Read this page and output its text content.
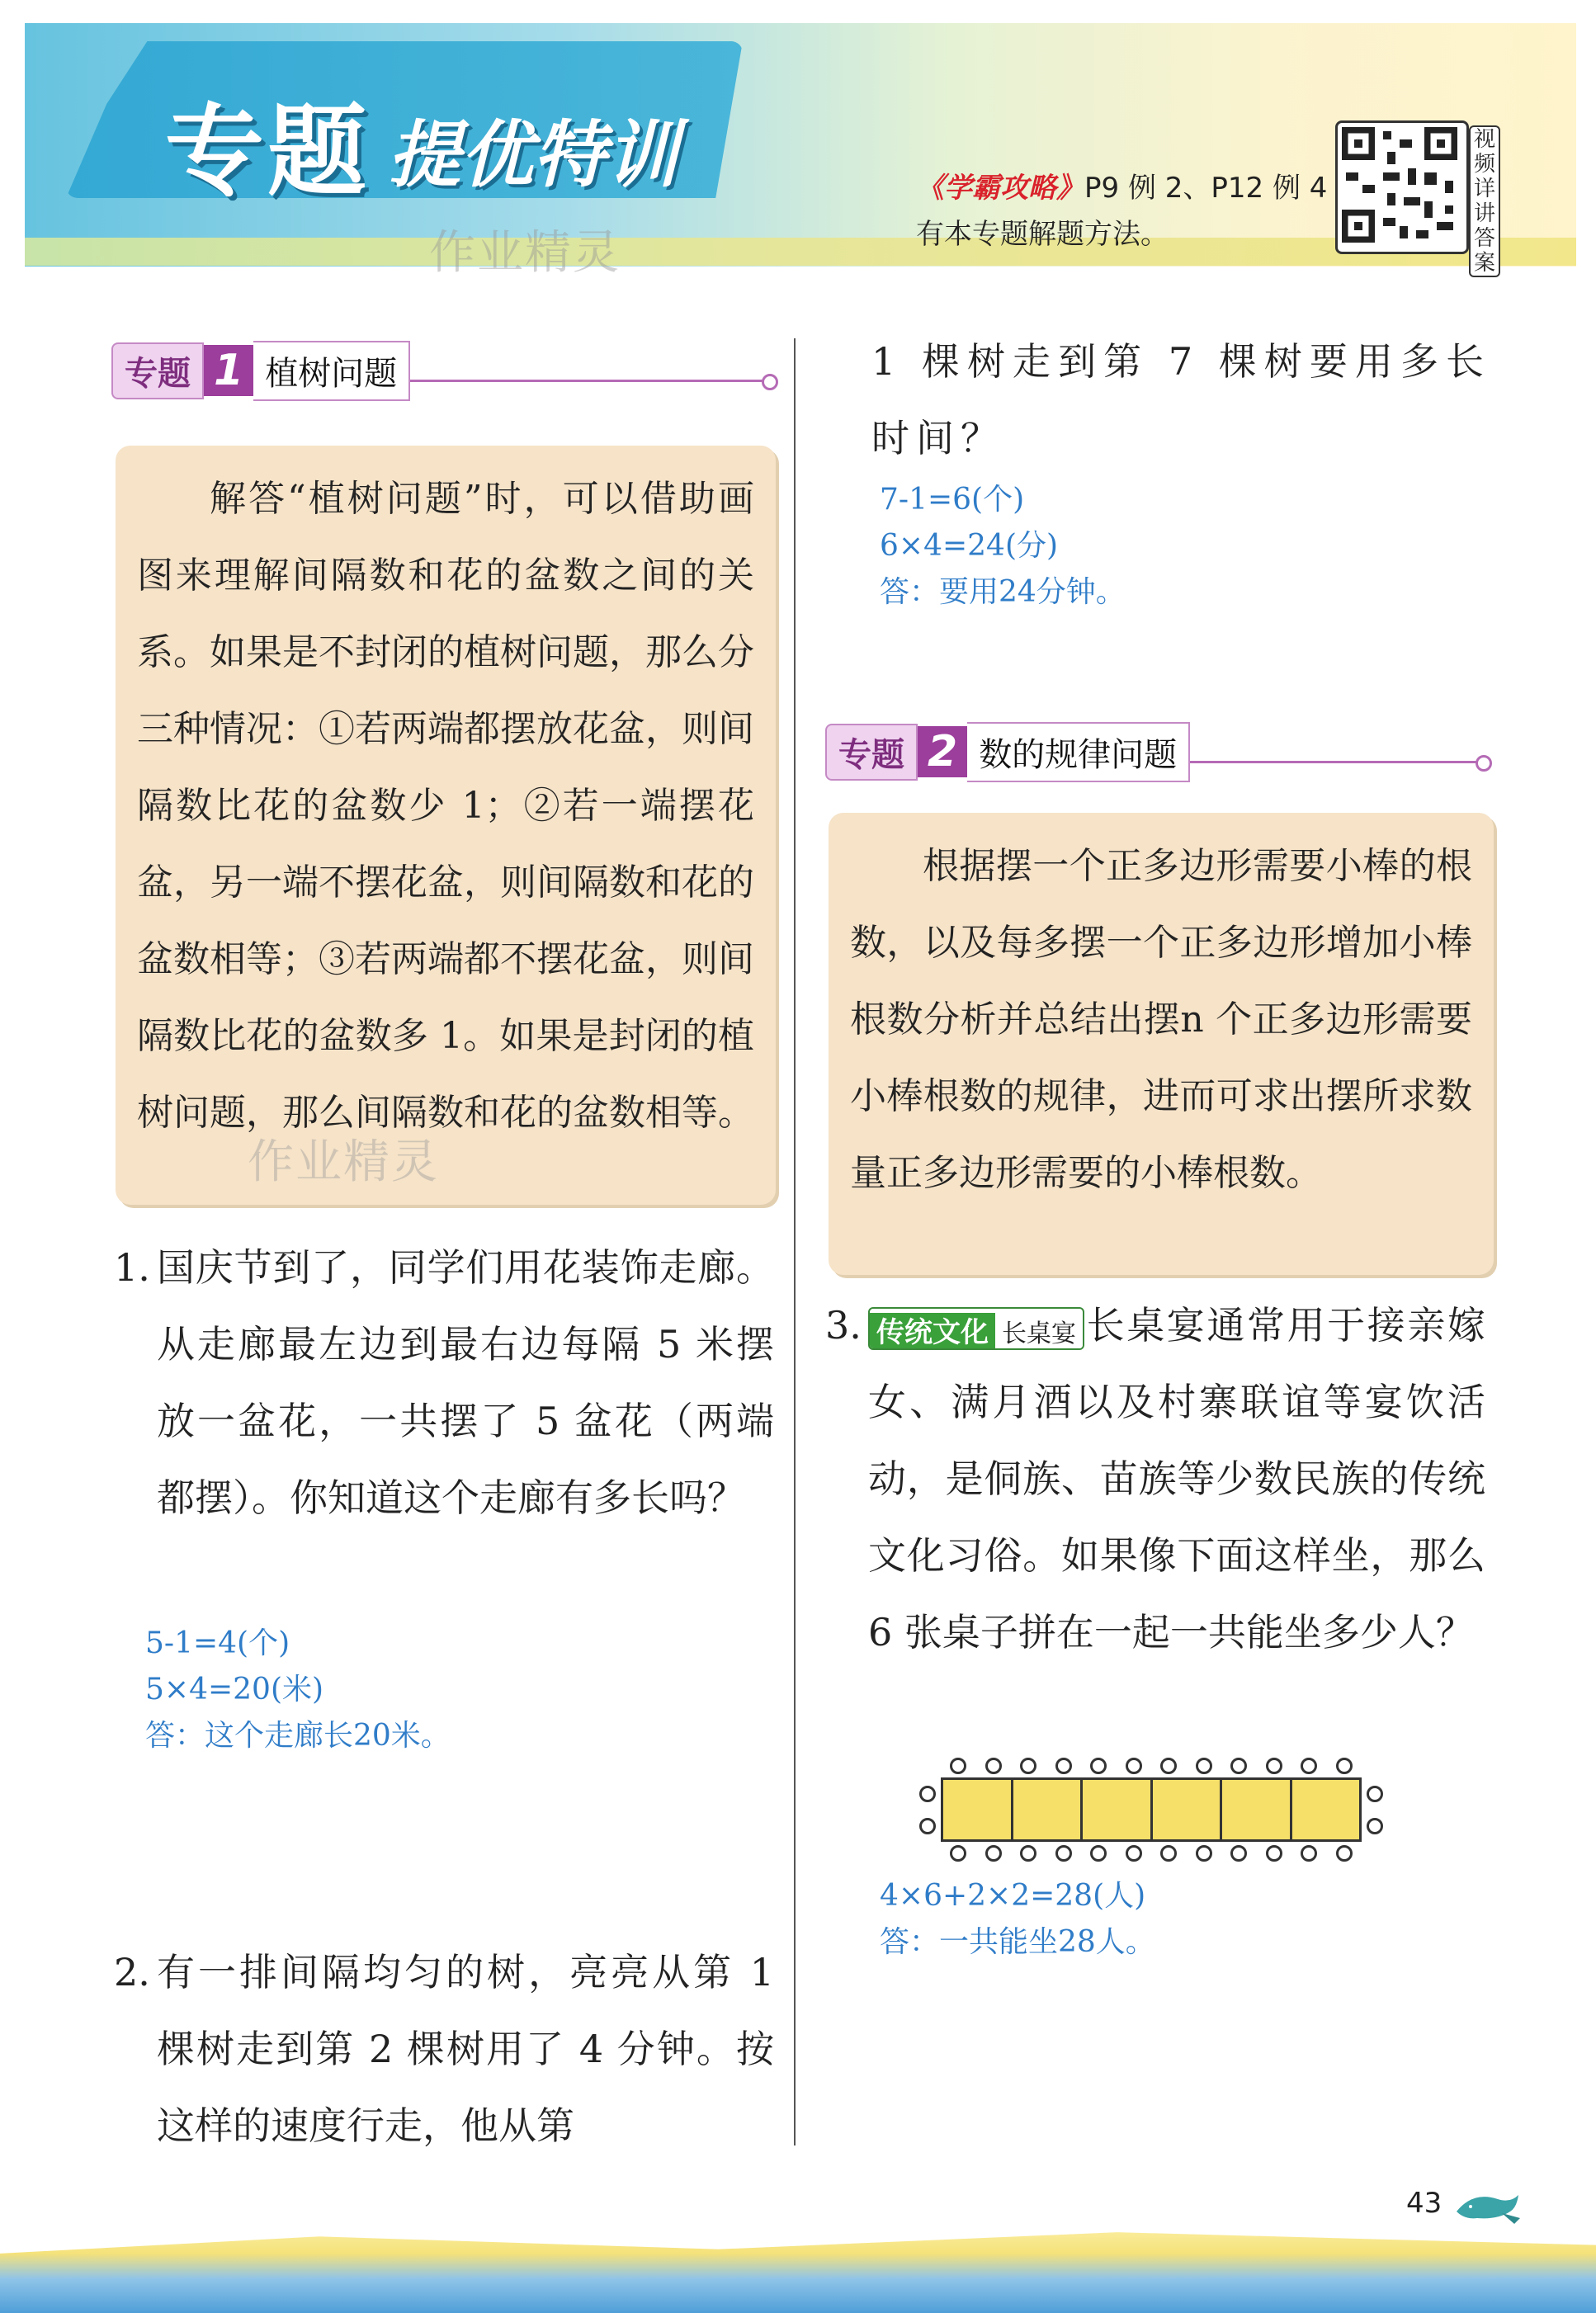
专题 提优特训
作业精灵
《学霸攻略》P9 例 2、P12 例 4
有本专题解题方法。
视频详讲答案
专题 1 植树问题

解答“植树问题”时，可以借助画图来理解间隔数和花的盆数之间的关系。如果是不封闭的植树问题，那么分三种情况：①若两端都摆放花盆，则间隔数比花的盆数少 1；②若一端摆花盆，另一端不摆花盆，则间隔数和花的盆数相等；③若两端都不摆花盆，则间隔数比花的盆数多 1。如果是封闭的植树问题，那么间隔数和花的盆数相等。

作业精灵
1. 国庆节到了，同学们用花装饰走廊。从走廊最左边到最右边每隔 5 米摆放一盆花，一共摆了 5 盆花（两端都摆）。你知道这个走廊有多长吗？
5-1=4(个)
5×4=20(米)
答：这个走廊长20米。
2. 有一排间隔均匀的树，亮亮从第 1 棵树走到第 2 棵树用了 4 分钟。按这样的速度行走，他从第
1 棵树走到第 7 棵树要用多长时间？
7-1=6(个)
6×4=24(分)
答：要用24分钟。
专题 2 数的规律问题

根据摆一个正多边形需要小棒的根数，以及每多摆一个正多边形增加小棒根数分析并总结出摆n 个正多边形需要小棒根数的规律，进而可求出摆所求数量正多边形需要的小棒根数。

3. 传统文化 长桌宴 长桌宴通常用于接亲嫁女、满月酒以及村寨联谊等宴饮活动，是侗族、苗族等少数民族的传统文化习俗。如果像下面这样坐，那么 6 张桌子拼在一起一共能坐多少人？
4×6+2×2=28(人)
答：一共能坐28人。
43
